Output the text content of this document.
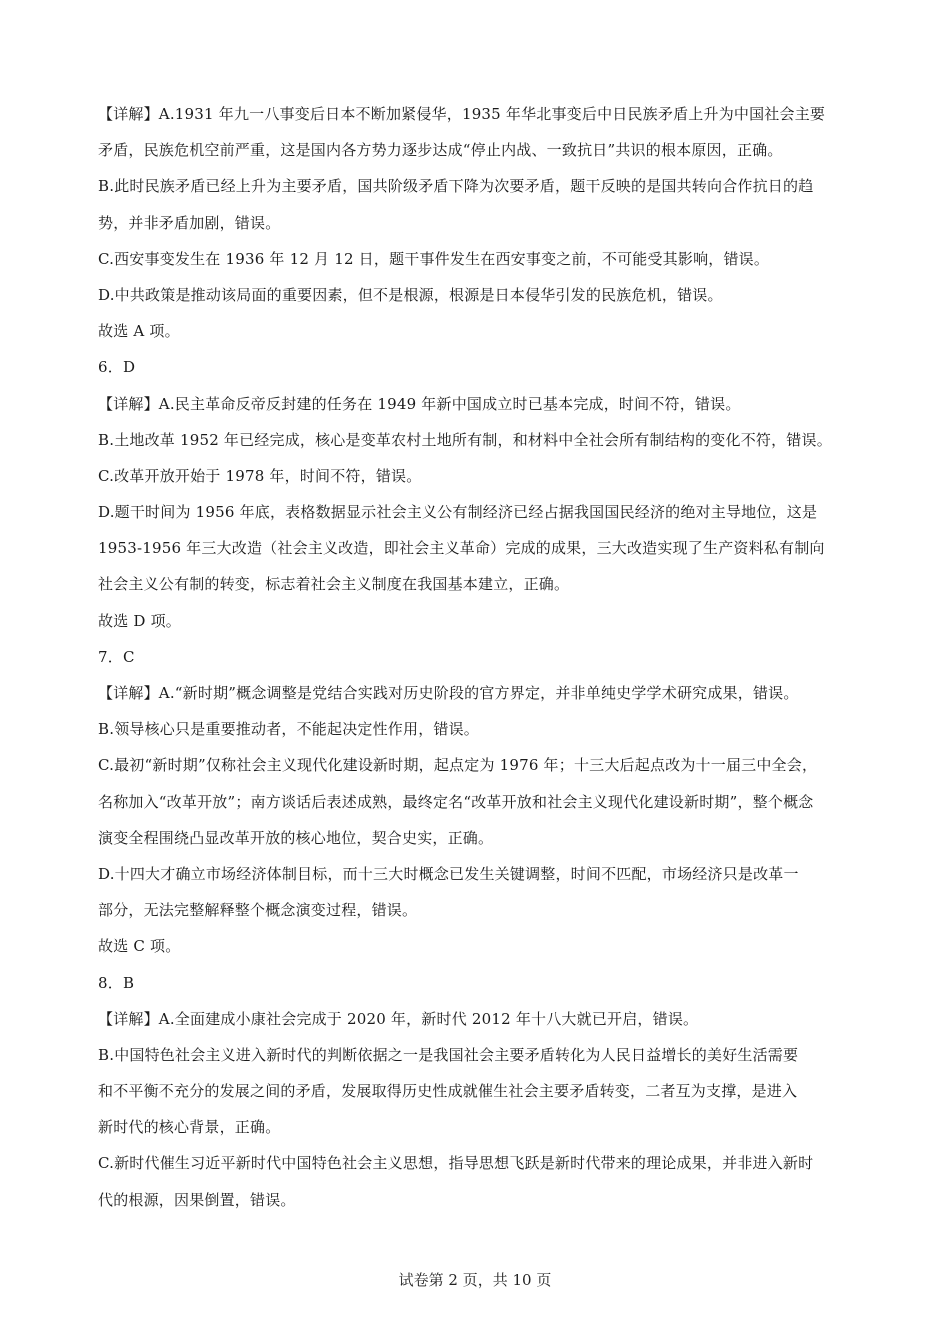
【详解】A.1931 年九一八事变后日本不断加紧侵华，1935 年华北事变后中日民族矛盾上升为中国社会主要
矛盾，民族危机空前严重，这是国内各方势力逐步达成“停止内战、一致抗日”共识的根本原因，正确。
B.此时民族矛盾已经上升为主要矛盾，国共阶级矛盾下降为次要矛盾，题干反映的是国共转向合作抗日的趋
势，并非矛盾加剧，错误。
C.西安事变发生在 1936 年 12 月 12 日，题干事件发生在西安事变之前，不可能受其影响，错误。
D.中共政策是推动该局面的重要因素，但不是根源，根源是日本侵华引发的民族危机，错误。
故选 A 项。
6．D
【详解】A.民主革命反帝反封建的任务在 1949 年新中国成立时已基本完成，时间不符，错误。
B.土地改革 1952 年已经完成，核心是变革农村土地所有制，和材料中全社会所有制结构的变化不符，错误。
C.改革开放开始于 1978 年，时间不符，错误。
D.题干时间为 1956 年底，表格数据显示社会主义公有制经济已经占据我国国民经济的绝对主导地位，这是
1953-1956 年三大改造（社会主义改造，即社会主义革命）完成的成果，三大改造实现了生产资料私有制向
社会主义公有制的转变，标志着社会主义制度在我国基本建立，正确。
故选 D 项。
7．C
【详解】A.“新时期”概念调整是党结合实践对历史阶段的官方界定，并非单纯史学学术研究成果，错误。
B.领导核心只是重要推动者，不能起决定性作用，错误。
C.最初“新时期”仅称社会主义现代化建设新时期，起点定为 1976 年；十三大后起点改为十一届三中全会，
名称加入“改革开放”；南方谈话后表述成熟，最终定名“改革开放和社会主义现代化建设新时期”，整个概念
演变全程围绕凸显改革开放的核心地位，契合史实，正确。
D.十四大才确立市场经济体制目标，而十三大时概念已发生关键调整，时间不匹配，市场经济只是改革一
部分，无法完整解释整个概念演变过程，错误。
故选 C 项。
8．B
【详解】A.全面建成小康社会完成于 2020 年，新时代 2012 年十八大就已开启，错误。
B.中国特色社会主义进入新时代的判断依据之一是我国社会主要矛盾转化为人民日益增长的美好生活需要
和不平衡不充分的发展之间的矛盾，发展取得历史性成就催生社会主要矛盾转变，二者互为支撑，是进入
新时代的核心背景，正确。
C.新时代催生习近平新时代中国特色社会主义思想，指导思想飞跃是新时代带来的理论成果，并非进入新时
代的根源，因果倒置，错误。
试卷第 2 页，共 10 页
